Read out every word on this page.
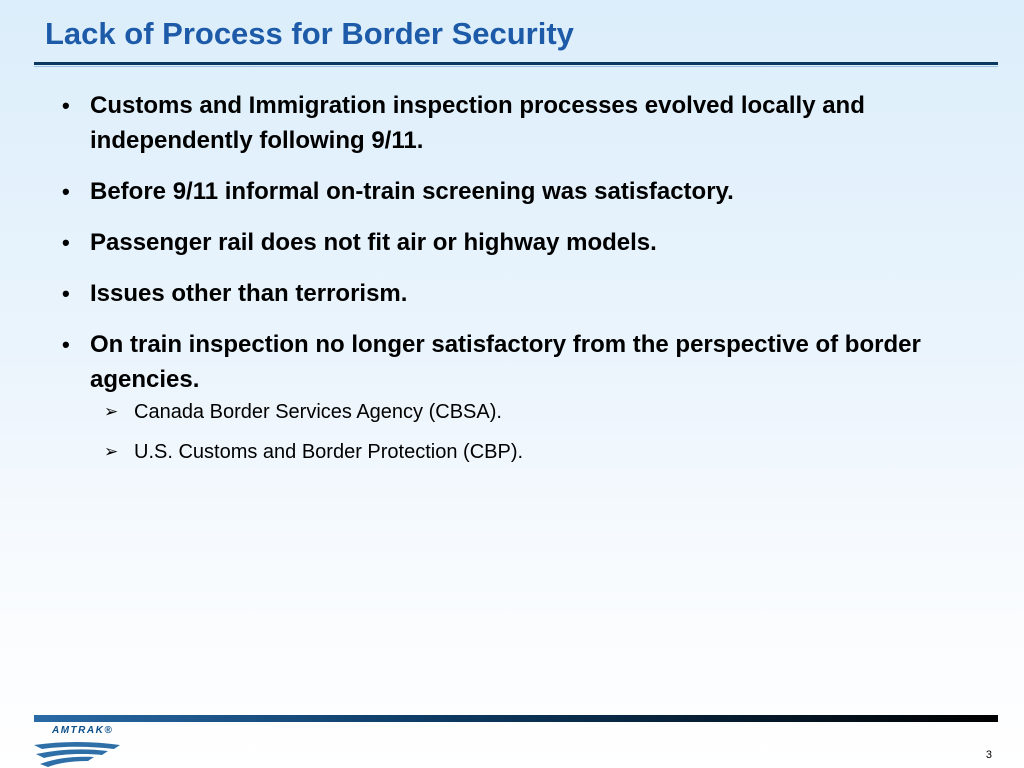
Lack of Process for Border Security
• Customs and Immigration inspection processes evolved locally and independently following 9/11.
• Before 9/11 informal on-train screening was satisfactory.
• Passenger rail does not fit air or highway models.
• Issues other than terrorism.
• On train inspection no longer satisfactory from the perspective of border agencies.
➢ Canada Border Services Agency (CBSA).
➢ U.S. Customs and Border Protection (CBP).
AMTRAK®
3
